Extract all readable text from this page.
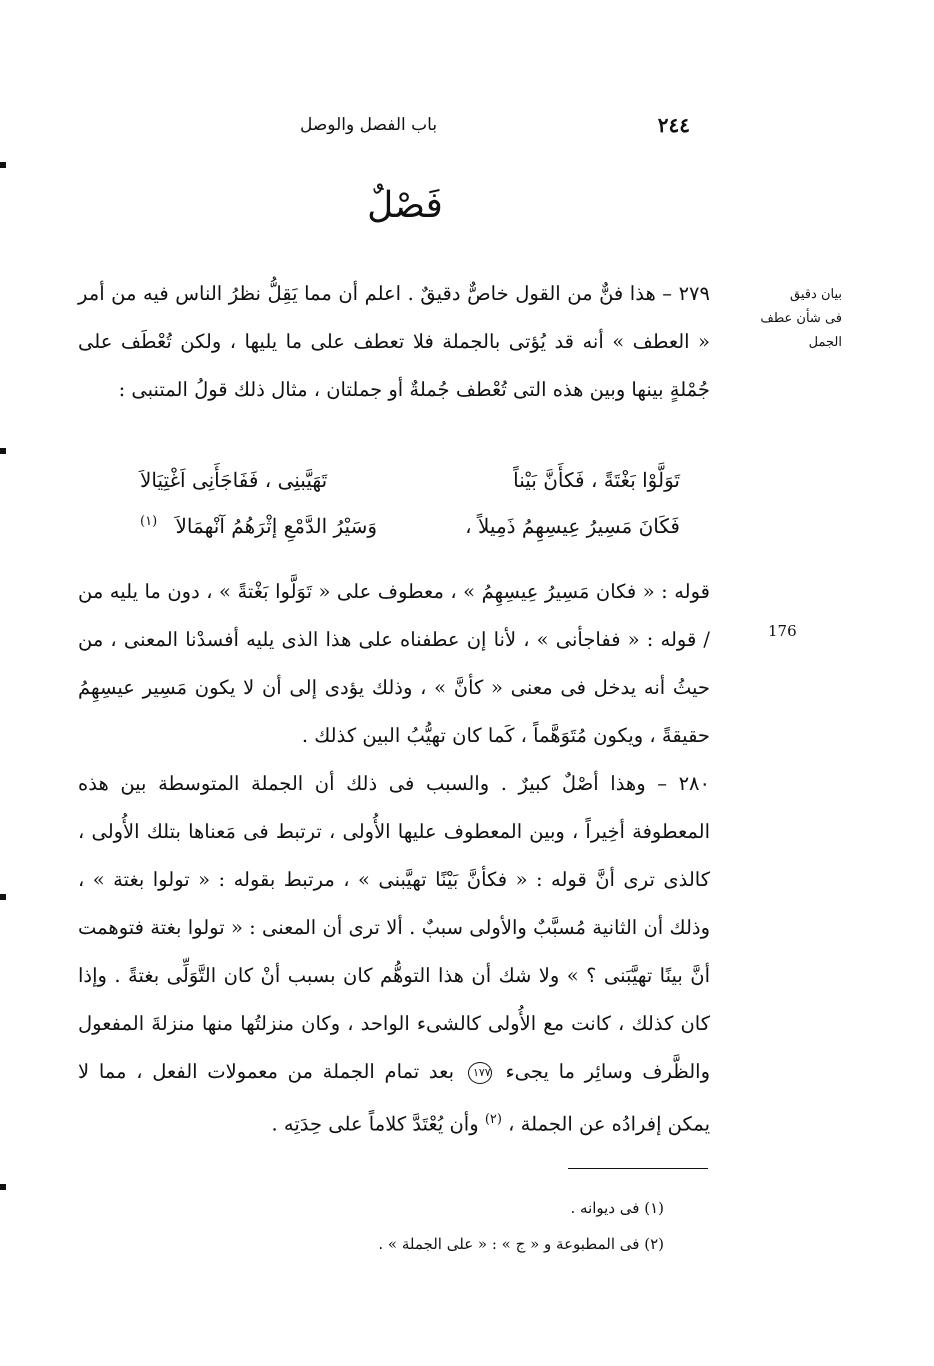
باب الفصل والوصل	٢٤٤
فَصْلٌ
بيان دقيق
فى شأن عطف الجمل
176
٢٧٩ – هذا فنٌّ من القول خاصٌّ دقيقٌ . اعلم أن مما يَقِلُّ نظرُ الناس فيه من أمر « العطف » أنه قد يُؤتى بالجملة فلا تعطف على ما يليها ، ولكن تُعْطَف على جُمْلةٍ بينها وبين هذه التى تُعْطف جُملةٌ أو جملتان ، مثال ذلك قولُ المتنبى :
تَوَلَّوْا بَغْتَةً ، فَكأَنَّ بَيْناً
تَهَيَّبنِى ، فَفَاجَأَنِى اَغْتِيَالاَ
فَكَانَ مَسِيرُ عِيسِهِمُ ذَمِيلاً ،
وَسَيْرُ الدَّمْعِ إثْرَهُمُ آنْهمَالاَ $^{(١)}$
قوله : « فكان مَسِيرُ عِيسِهِمُ » ، معطوف على « تَوَلَّوا بَغْتةً » ، دون ما يليه من / قوله : « ففاجأنى » ، لأنا إن عطفناه على هذا الذى يليه أفسدْنا المعنى ، من حيثُ أنه يدخل فى معنى « كأنَّ » ، وذلك يؤدى إلى أن لا يكون مَسِير عيسِهِمُ حقيقةً ، ويكون مُتَوَهَّماً ، كَما كان تهيُّبُ البين كذلك .
٢٨٠ – وهذا أصْلٌ كبيرٌ . والسبب فى ذلك أن الجملة المتوسطة بين هذه المعطوفة أخِيراً ، وبين المعطوف عليها الأُولى ، ترتبط فى مَعناها بتلك الأُولى ، كالذى ترى أنَّ قوله : « فكأنَّ بَيْنًا تهيَّبنى » ، مرتبط بقوله : « تولوا بغتة » ، وذلك أن الثانية مُسبَّبٌ والأولى سببٌ . ألا ترى أن المعنى : « تولوا بغتة فتوهمت أنَّ بينًا تهيَّبَنى ؟ » ولا شك أن هذا التوهُّم كان بسبب أنْ كان التَّوَلِّى بغتةً . وإذا كان كذلك ، كانت مع الأُولى كالشىء الواحد ، وكان منزلتُها منها منزلةَ المفعول والظَّرف وسائِر ما يجىء ١٧٧ بعد تمام الجملة من معمولات الفعل ، مما لا يمكن إفرادُه عن الجملة ، $^{(٢)}$ وأن يُعْتَدَّ كلاماً على حِدَتِه .
(١) فى ديوانه .
(٢) فى المطبوعة و « ج » : « على الجملة » .
